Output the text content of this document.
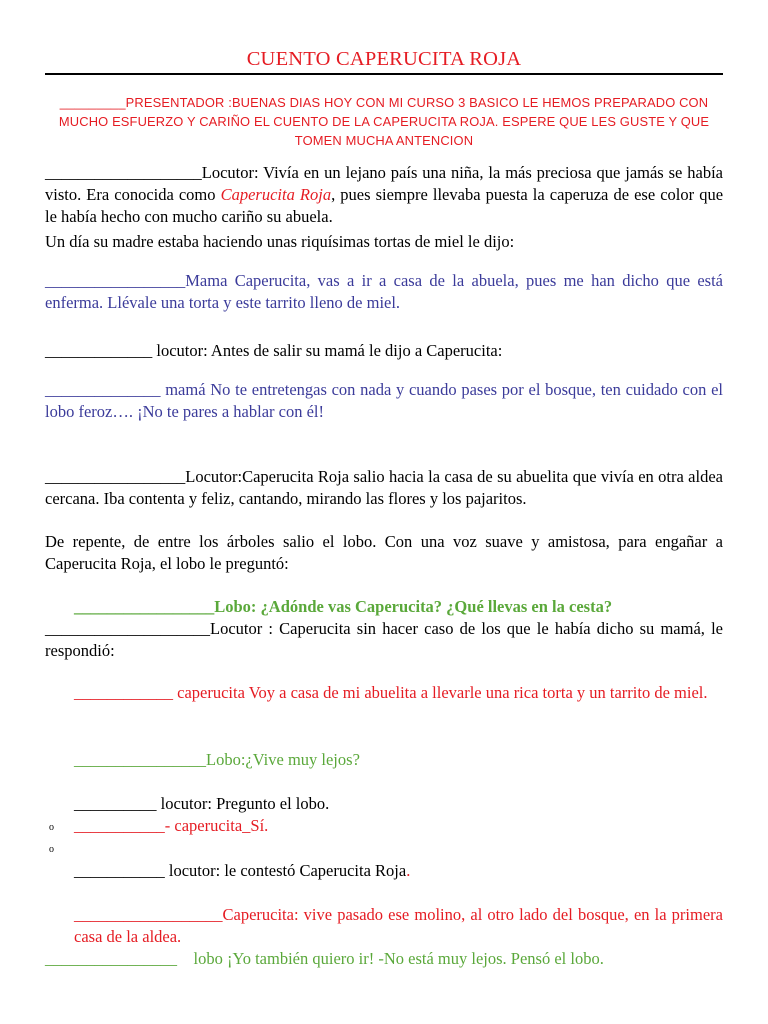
CUENTO CAPERUCITA ROJA

_________PRESENTADOR :BUENAS DIAS HOY CON MI CURSO 3 BASICO LE HEMOS PREPARADO CON MUCHO ESFUERZO Y CARIÑO EL CUENTO DE LA CAPERUCITA ROJA. ESPERE QUE LES GUSTE Y QUE TOMEN MUCHA ANTENCION

___________________Locutor: Vivía en un lejano país una niña, la más preciosa que jamás se había visto. Era conocida como Caperucita Roja, pues siempre llevaba puesta la caperuza de ese color que le había hecho con mucho cariño su abuela.

Un día su madre estaba haciendo unas riquísimas tortas de miel le dijo:

_________________Mama Caperucita, vas a ir a casa de la abuela, pues me han dicho que está enferma. Llévale una torta y este tarrito lleno de miel.

_____________ locutor: Antes de salir su mamá le dijo a Caperucita:

______________ mamá No te entretengas con nada y cuando pases por el bosque, ten cuidado con el lobo feroz…. ¡No te pares a hablar con él!

_________________Locutor:Caperucita Roja salio hacia la casa de su abuelita que vivía en otra aldea cercana. Iba contenta y feliz, cantando, mirando las flores y los pajaritos.

De repente, de entre los árboles salio el lobo. Con una voz suave y amistosa, para engañar a Caperucita Roja, el lobo le preguntó:

_________________Lobo: ¿Adónde vas Caperucita? ¿Qué llevas en la cesta?

____________________Locutor : Caperucita sin hacer caso de los que le había dicho su mamá, le respondió:

____________ caperucita Voy a casa de mi abuelita a llevarle una rica torta y un tarrito de miel.

________________Lobo:¿Vive muy lejos?

__________ locutor: Pregunto el lobo.

o ___________- caperucita_Sí.

o

___________ locutor: le contestó Caperucita Roja.

__________________Caperucita: vive pasado ese molino, al otro lado del bosque, en la primera casa de la aldea.

________________    lobo ¡Yo también quiero ir! -No está muy lejos. Pensó el lobo.
